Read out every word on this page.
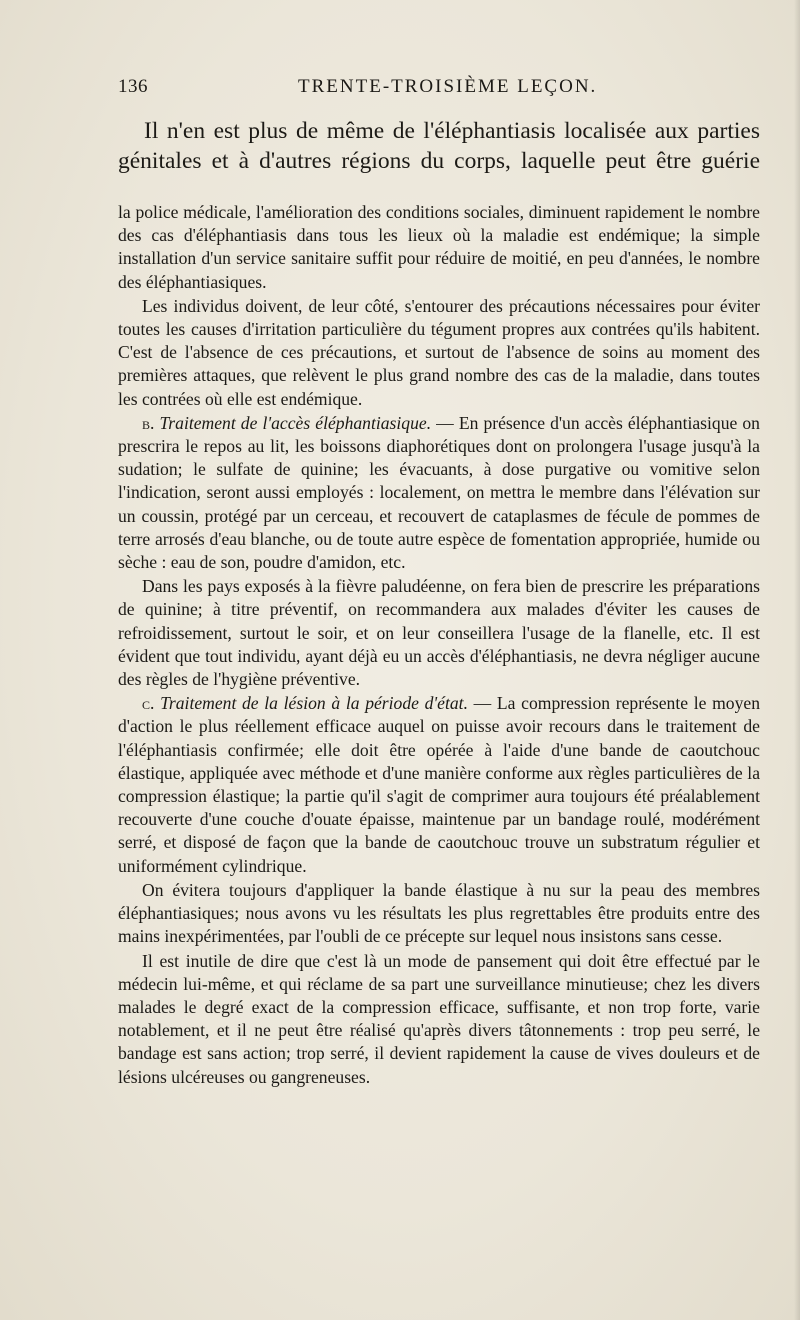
136	TRENTE-TROISIÈME LEÇON.
Il n'en est plus de même de l'éléphantiasis localisée aux parties
génitales et à d'autres régions du corps, laquelle peut être guérie

la police médicale, l'amélioration des conditions sociales, diminuent rapidement le nombre des cas d'éléphantiasis dans tous les lieux où la maladie est endémique; la simple installation d'un service sanitaire suffit pour réduire de moitié, en peu d'années, le nombre des éléphantiasiques.

Les individus doivent, de leur côté, s'entourer des précautions nécessaires pour éviter toutes les causes d'irritation particulière du tégument propres aux contrées qu'ils habitent. C'est de l'absence de ces précautions, et surtout de l'absence de soins au moment des premières attaques, que relèvent le plus grand nombre des cas de la maladie, dans toutes les contrées où elle est endémique.

b. Traitement de l'accès éléphantiasique. — En présence d'un accès éléphantiasique on prescrira le repos au lit, les boissons diaphorétiques dont on prolongera l'usage jusqu'à la sudation; le sulfate de quinine; les évacuants, à dose purgative ou vomitive selon l'indication, seront aussi employés : localement, on mettra le membre dans l'élévation sur un coussin, protégé par un cerceau, et recouvert de cataplasmes de fécule de pommes de terre arrosés d'eau blanche, ou de toute autre espèce de fomentation appropriée, humide ou sèche : eau de son, poudre d'amidon, etc.

Dans les pays exposés à la fièvre paludéenne, on fera bien de prescrire les préparations de quinine; à titre préventif, on recommandera aux malades d'éviter les causes de refroidissement, surtout le soir, et on leur conseillera l'usage de la flanelle, etc. Il est évident que tout individu, ayant déjà eu un accès d'éléphantiasis, ne devra négliger aucune des règles de l'hygiène préventive.

c. Traitement de la lésion à la période d'état. — La compression représente le moyen d'action le plus réellement efficace auquel on puisse avoir recours dans le traitement de l'éléphantiasis confirmée; elle doit être opérée à l'aide d'une bande de caoutchouc élastique, appliquée avec méthode et d'une manière conforme aux règles particulières de la compression élastique; la partie qu'il s'agit de comprimer aura toujours été préalablement recouverte d'une couche d'ouate épaisse, maintenue par un bandage roulé, modérément serré, et disposé de façon que la bande de caoutchouc trouve un substratum régulier et uniformément cylindrique.

On évitera toujours d'appliquer la bande élastique à nu sur la peau des membres éléphantiasiques; nous avons vu les résultats les plus regrettables être produits entre des mains inexpérimentées, par l'oubli de ce précepte sur lequel nous insistons sans cesse.

Il est inutile de dire que c'est là un mode de pansement qui doit être effectué par le médecin lui-même, et qui réclame de sa part une surveillance minutieuse; chez les divers malades le degré exact de la compression efficace, suffisante, et non trop forte, varie notablement, et il ne peut être réalisé qu'après divers tâtonnements : trop peu serré, le bandage est sans action; trop serré, il devient rapidement la cause de vives douleurs et de lésions ulcéreuses ou gangreneuses.
